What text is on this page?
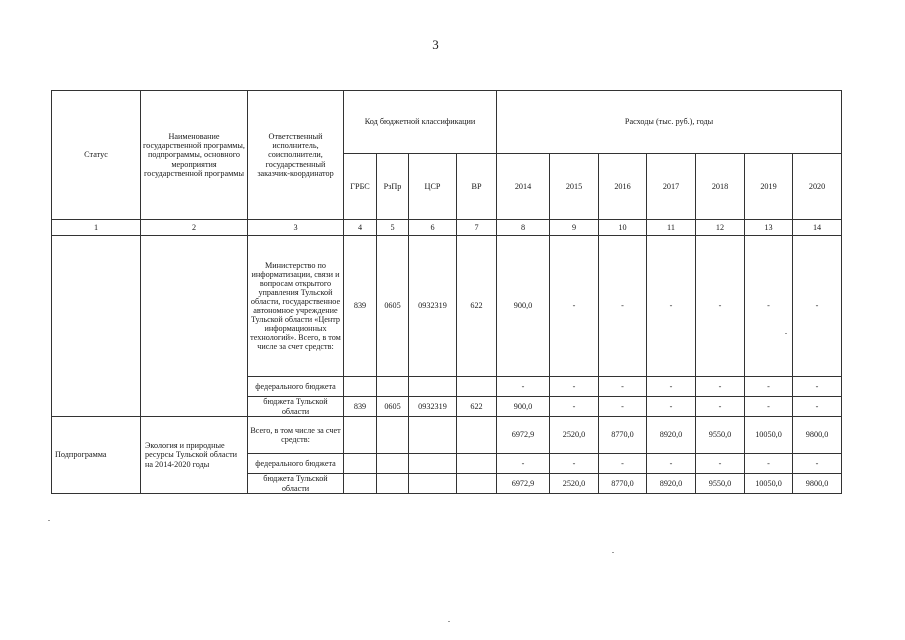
3
Статус	Наименование государственной программы, подпрограммы, основного мероприятия государственной программы	Ответственный исполнитель, соисполнители, государственный заказчик-координатор	Код бюджетной классификации				Расходы (тыс. руб.), годы						
			ГРБС	РзПр	ЦСР	ВР	2014	2015	2016	2017	2018	2019	2020
1	2	3	4	5	6	7	8	9	10	11	12	13	14
		Министерство по информатизации, связи и вопросам открытого управления Тульской области, государственное автономное учреждение Тульской области «Центр информационных технологий». Всего, в том числе за счет средств:	839	0605	0932319	622	900,0	-	-	-	-	-	-
		федерального бюджета					-	-	-	-	-	-	-
		бюджета Тульской области	839	0605	0932319	622	900,0	-	-	-	-	-	-
Подпрограмма	Экология и природные ресурсы Тульской области на 2014-2020 годы	Всего, в том числе за счет средств:					6972,9	2520,0	8770,0	8920,0	9550,0	10050,0	9800,0
		федерального бюджета					-	-	-	-	-	-	-
		бюджета Тульской области					6972,9	2520,0	8770,0	8920,0	9550,0	10050,0	9800,0
